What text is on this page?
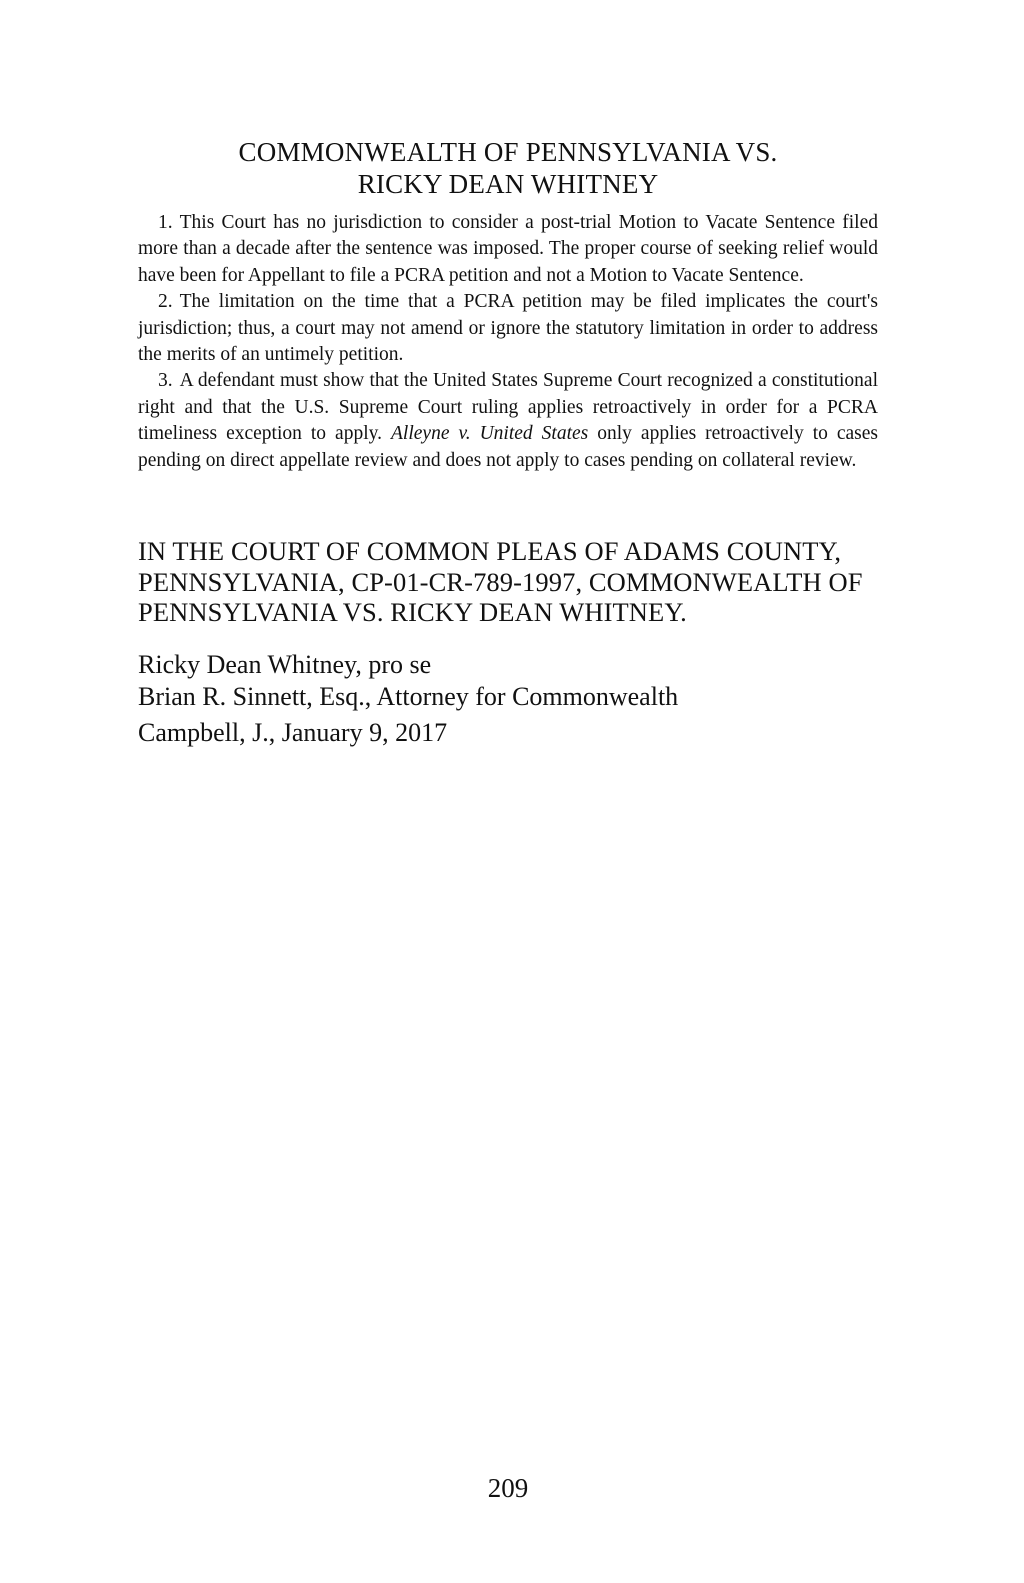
COMMONWEALTH OF PENNSYLVANIA VS.
RICKY DEAN WHITNEY

1. This Court has no jurisdiction to consider a post-trial Motion to Vacate Sentence filed more than a decade after the sentence was imposed. The proper course of seeking relief would have been for Appellant to file a PCRA petition and not a Motion to Vacate Sentence.

2. The limitation on the time that a PCRA petition may be filed implicates the court's jurisdiction; thus, a court may not amend or ignore the statutory limitation in order to address the merits of an untimely petition.

3. A defendant must show that the United States Supreme Court recognized a constitutional right and that the U.S. Supreme Court ruling applies retroactively in order for a PCRA timeliness exception to apply. Alleyne v. United States only applies retroactively to cases pending on direct appellate review and does not apply to cases pending on collateral review.

IN THE COURT OF COMMON PLEAS OF ADAMS COUNTY, PENNSYLVANIA, CP-01-CR-789-1997, COMMONWEALTH OF PENNSYLVANIA VS. RICKY DEAN WHITNEY.
Ricky Dean Whitney, pro se
Brian R. Sinnett, Esq., Attorney for Commonwealth
Campbell, J., January 9, 2017
209
